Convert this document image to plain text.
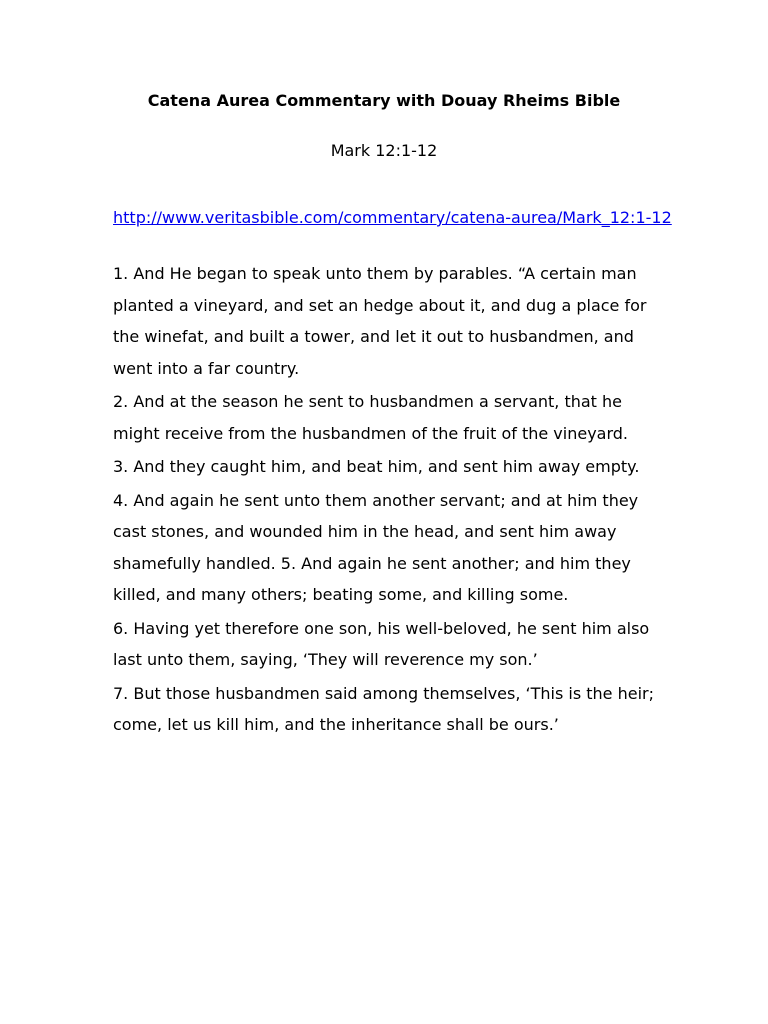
Catena Aurea Commentary with Douay Rheims Bible

Mark 12:1-12

http://www.veritasbible.com/commentary/catena-aurea/Mark_12:1-12

1. And He began to speak unto them by parables. “A certain man planted a vineyard, and set an hedge about it, and dug a place for the winefat, and built a tower, and let it out to husbandmen, and went into a far country.

2. And at the season he sent to husbandmen a servant, that he might receive from the husbandmen of the fruit of the vineyard.

3. And they caught him, and beat him, and sent him away empty.

4. And again he sent unto them another servant; and at him they cast stones, and wounded him in the head, and sent him away shamefully handled. 5. And again he sent another; and him they killed, and many others; beating some, and killing some.

6. Having yet therefore one son, his well-beloved, he sent him also last unto them, saying, ‘They will reverence my son.’

7. But those husbandmen said among themselves, ‘This is the heir; come, let us kill him, and the inheritance shall be ours.’
